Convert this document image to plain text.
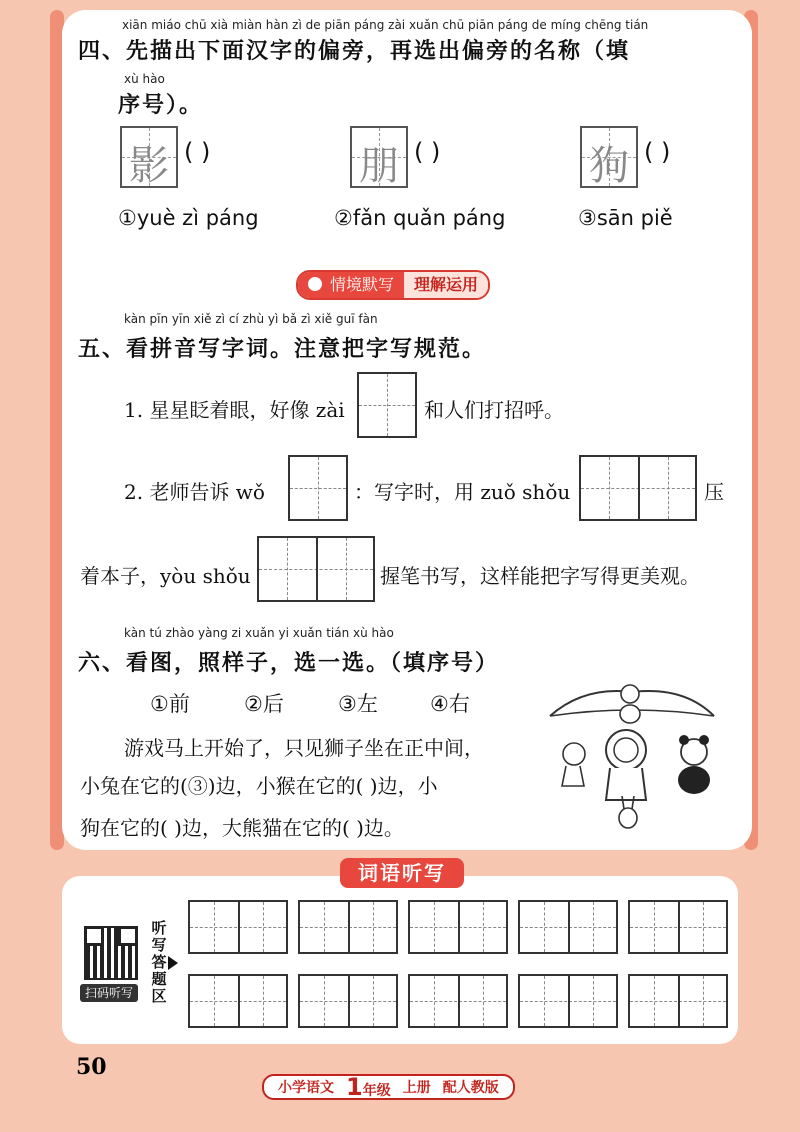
xiān miáo chū xià miàn hàn zì de piān páng zài xuǎn chū piān páng de míng chēng tián
四、先描出下面汉字的偏旁，再选出偏旁的名称（填
xù hào
序号）。
影 ( )	朋 ( )	狗 ( )
①yuè zì páng	②fǎn quǎn páng	③sān piě
情境默写	理解运用
kàn pīn yīn xiě zì cí zhù yì bǎ zì xiě guī fàn
五、看拼音写字词。注意把字写规范。
1. 星星眨着眼，好像 zài	和人们打招呼。
2. 老师告诉 wǒ	：写字时，用 zuǒ shǒu	压
着本子，yòu shǒu	握笔书写，这样能把字写得更美观。
kàn tú zhào yàng zi xuǎn yi xuǎn tián xù hào
六、看图，照样子，选一选。（填序号）
①前	②后	③左 ④右
游戏马上开始了，只见狮子坐在正中间，
小兔在它的(③)边，小猴在它的( )边，小
狗在它的( )边，大熊猫在它的( )边。
词语听写
扫码听写
听写答题区
50
小学语文 1年级 上册 配人教版
